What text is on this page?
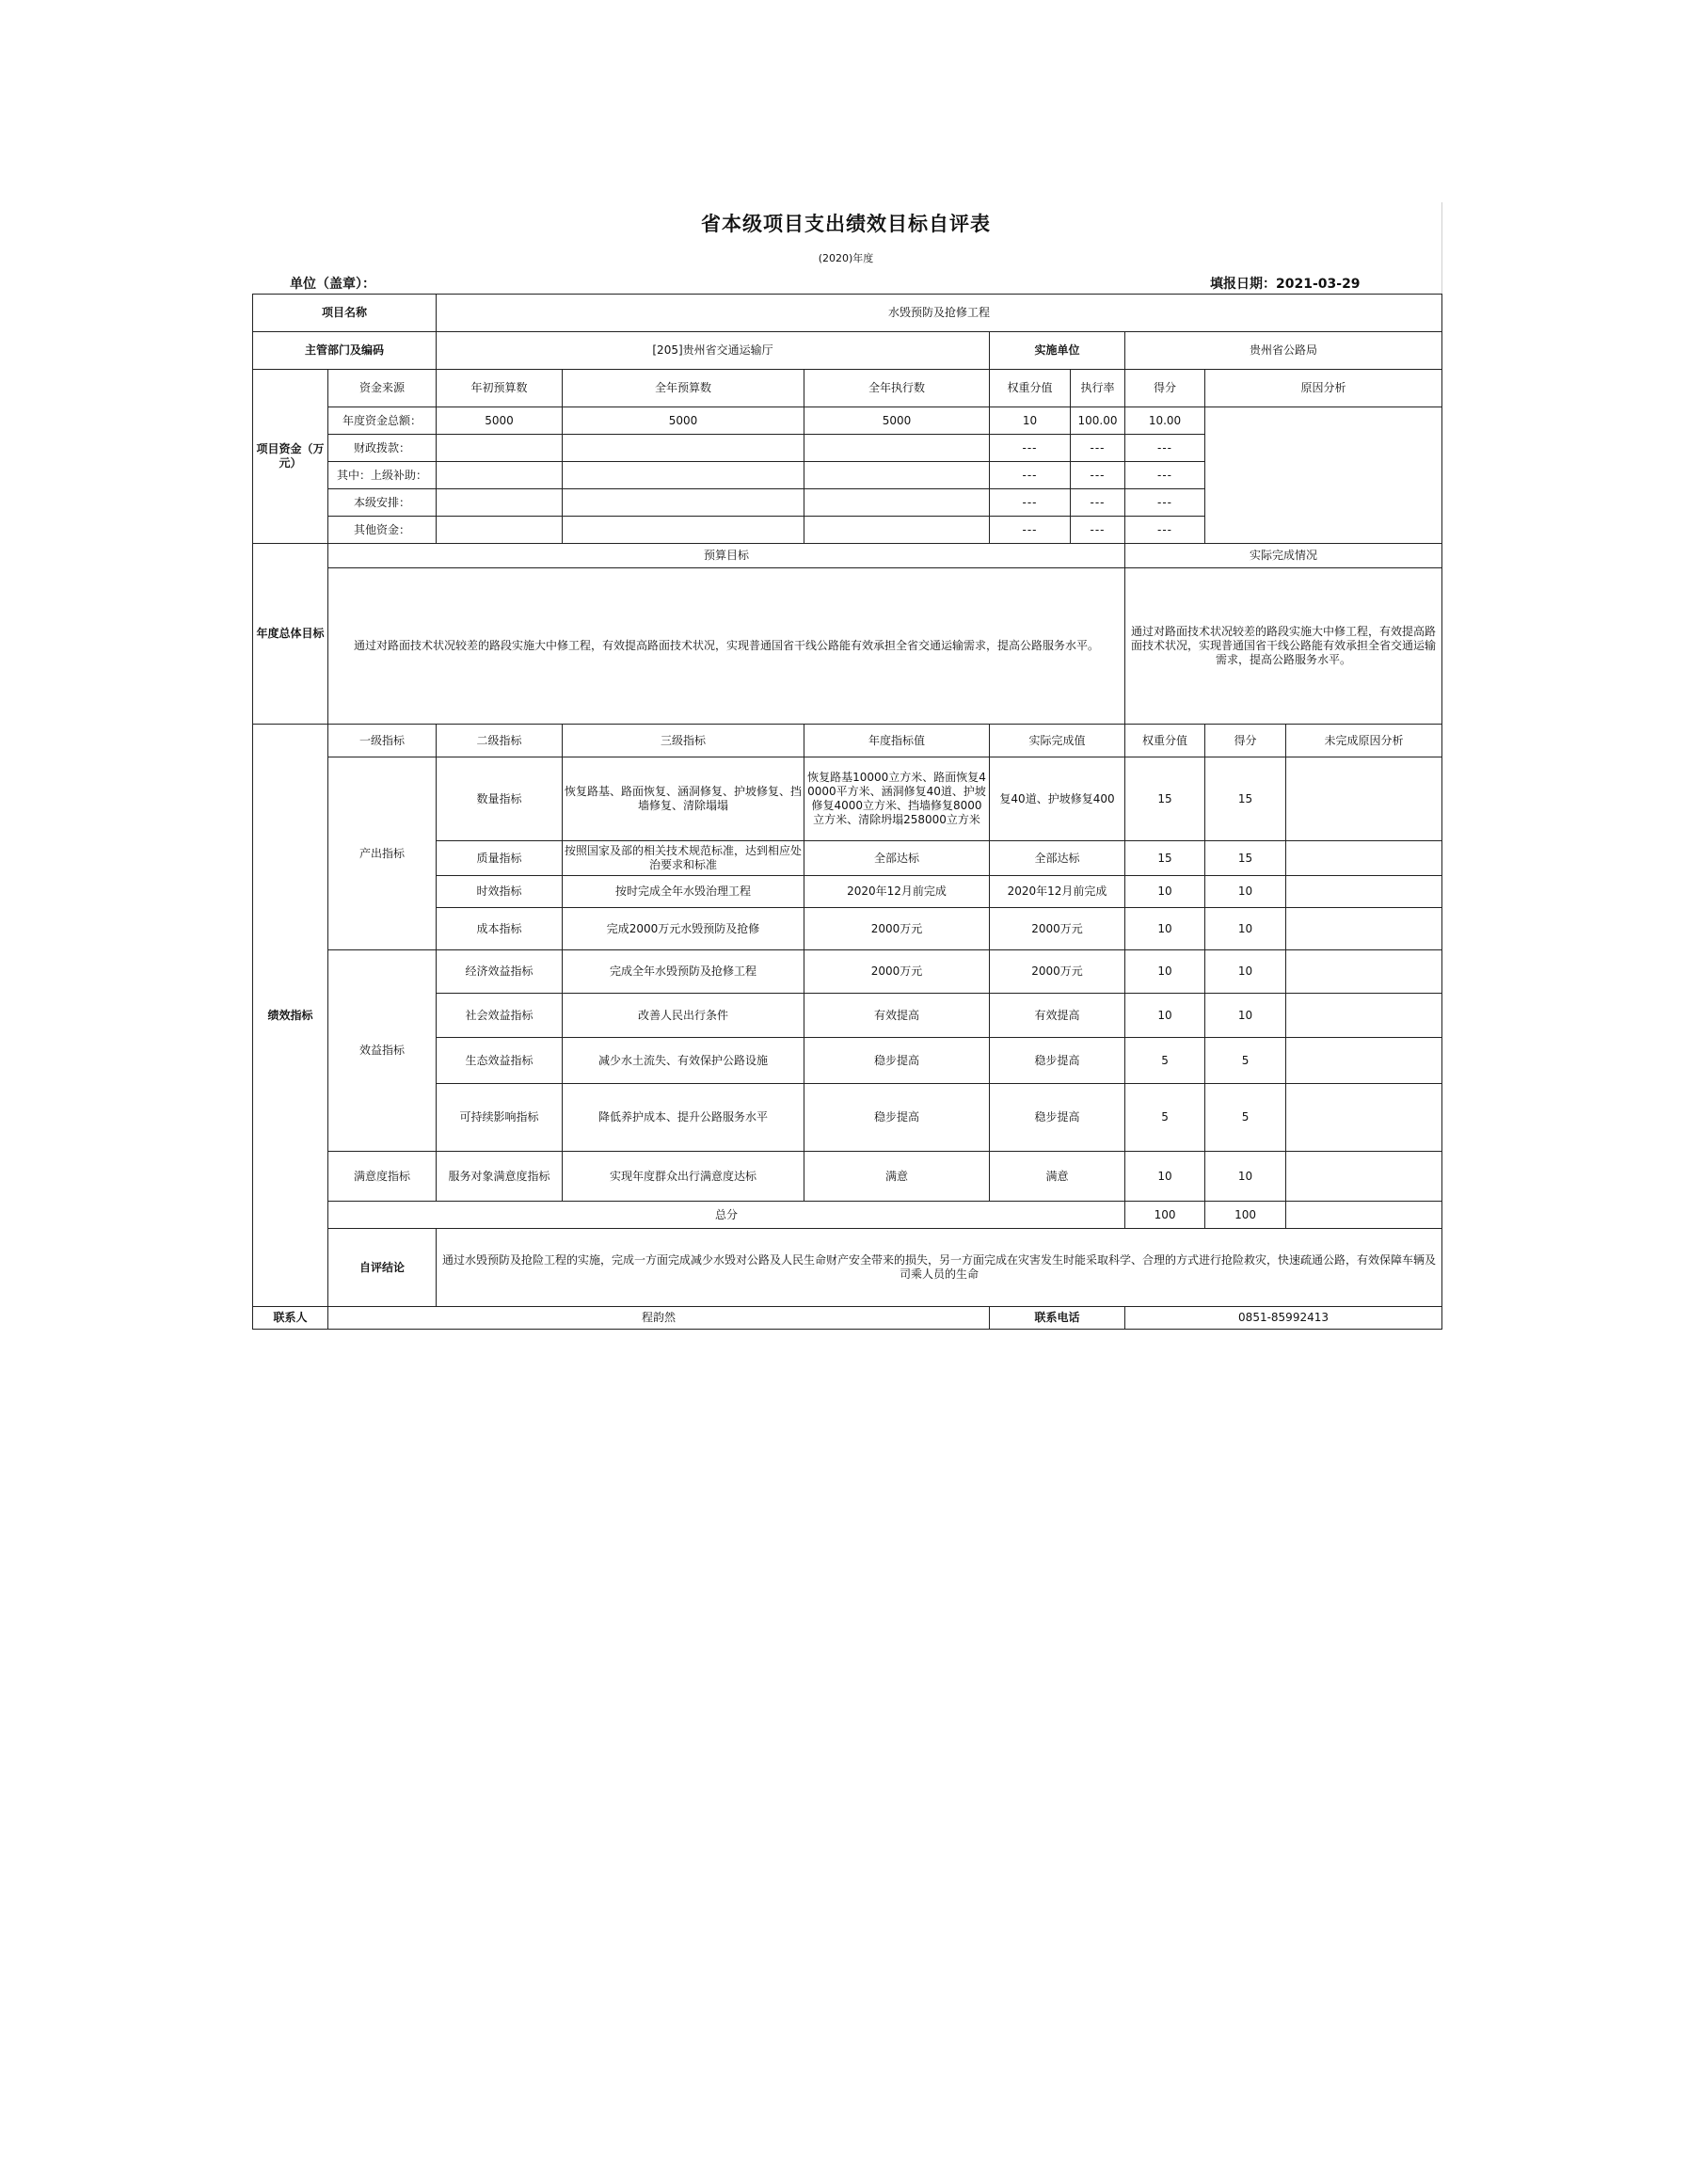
省本级项目支出绩效目标自评表
(2020)年度
单位（盖章）：	填报日期：2021-03-29
项目名称		水毁预防及抢修工程							
主管部门及编码		[205]贵州省交通运输厅			实施单位		贵州省公路局		
项目资金（万元）	资金来源	年初预算数	全年预算数	全年执行数	权重分值	执行率	得分	原因分析	
	年度资金总额：	5000	5000	5000	10	100.00	10.00		
	财政拨款：				---	---	---		
	其中：上级补助：				---	---	---		
	本级安排：				---	---	---		
	其他资金：				---	---	---		
年度总体目标	预算目标						实际完成情况		
	通过对路面技术状况较差的路段实施大中修工程，有效提高路面技术状况，实现普通国省干线公路能有效承担全省交通运输需求，提高公路服务水平。						通过对路面技术状况较差的路段实施大中修工程，有效提高路面技术状况，实现普通国省干线公路能有效承担全省交通运输需求，提高公路服务水平。		
绩效指标	一级指标	二级指标	三级指标	年度指标值	实际完成值		权重分值	得分	未完成原因分析
	产出指标	数量指标	恢复路基、路面恢复、涵洞修复、护坡修复、挡墙修复、清除塌塌	恢复路基10000立方米、路面恢复40000平方米、涵洞修复40道、护坡修复4000立方米、挡墙修复8000立方米、清除坍塌258000立方米	复40道、护坡修复400		15	15	
		质量指标	按照国家及部的相关技术规范标准，达到相应处治要求和标准	全部达标	全部达标		15	15	
		时效指标	按时完成全年水毁治理工程	2020年12月前完成	2020年12月前完成		10	10	
		成本指标	完成2000万元水毁预防及抢修	2000万元	2000万元		10	10	
	效益指标	经济效益指标	完成全年水毁预防及抢修工程	2000万元	2000万元		10	10	
		社会效益指标	改善人民出行条件	有效提高	有效提高		10	10	
		生态效益指标	减少水土流失、有效保护公路设施	稳步提高	稳步提高		5	5	
		可持续影响指标	降低养护成本、提升公路服务水平	稳步提高	稳步提高		5	5	
	满意度指标	服务对象满意度指标	实现年度群众出行满意度达标	满意	满意		10	10	
	总分						100	100	
	自评结论	通过水毁预防及抢险工程的实施，完成一方面完成减少水毁对公路及人民生命财产安全带来的损失，另一方面完成在灾害发生时能采取科学、合理的方式进行抢险救灾，快速疏通公路，有效保障车辆及司乘人员的生命							
联系人	程韵然				联系电话		0851-85992413		
